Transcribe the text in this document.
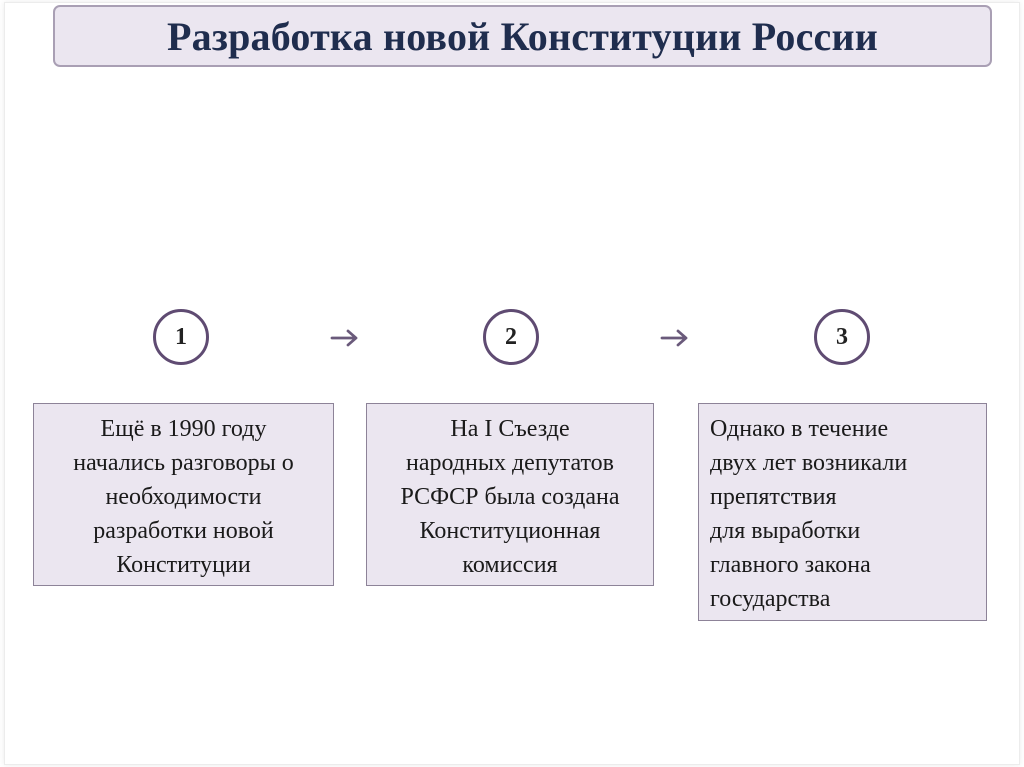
Разработка новой Конституции России
1	2	3
Ещё в 1990 году
начались разговоры о
необходимости
разработки новой
Конституции
На I Съезде
народных депутатов
РСФСР была создана
Конституционная
комиссия
Однако в течение
двух лет возникали
препятствия
для выработки
главного закона
государства
